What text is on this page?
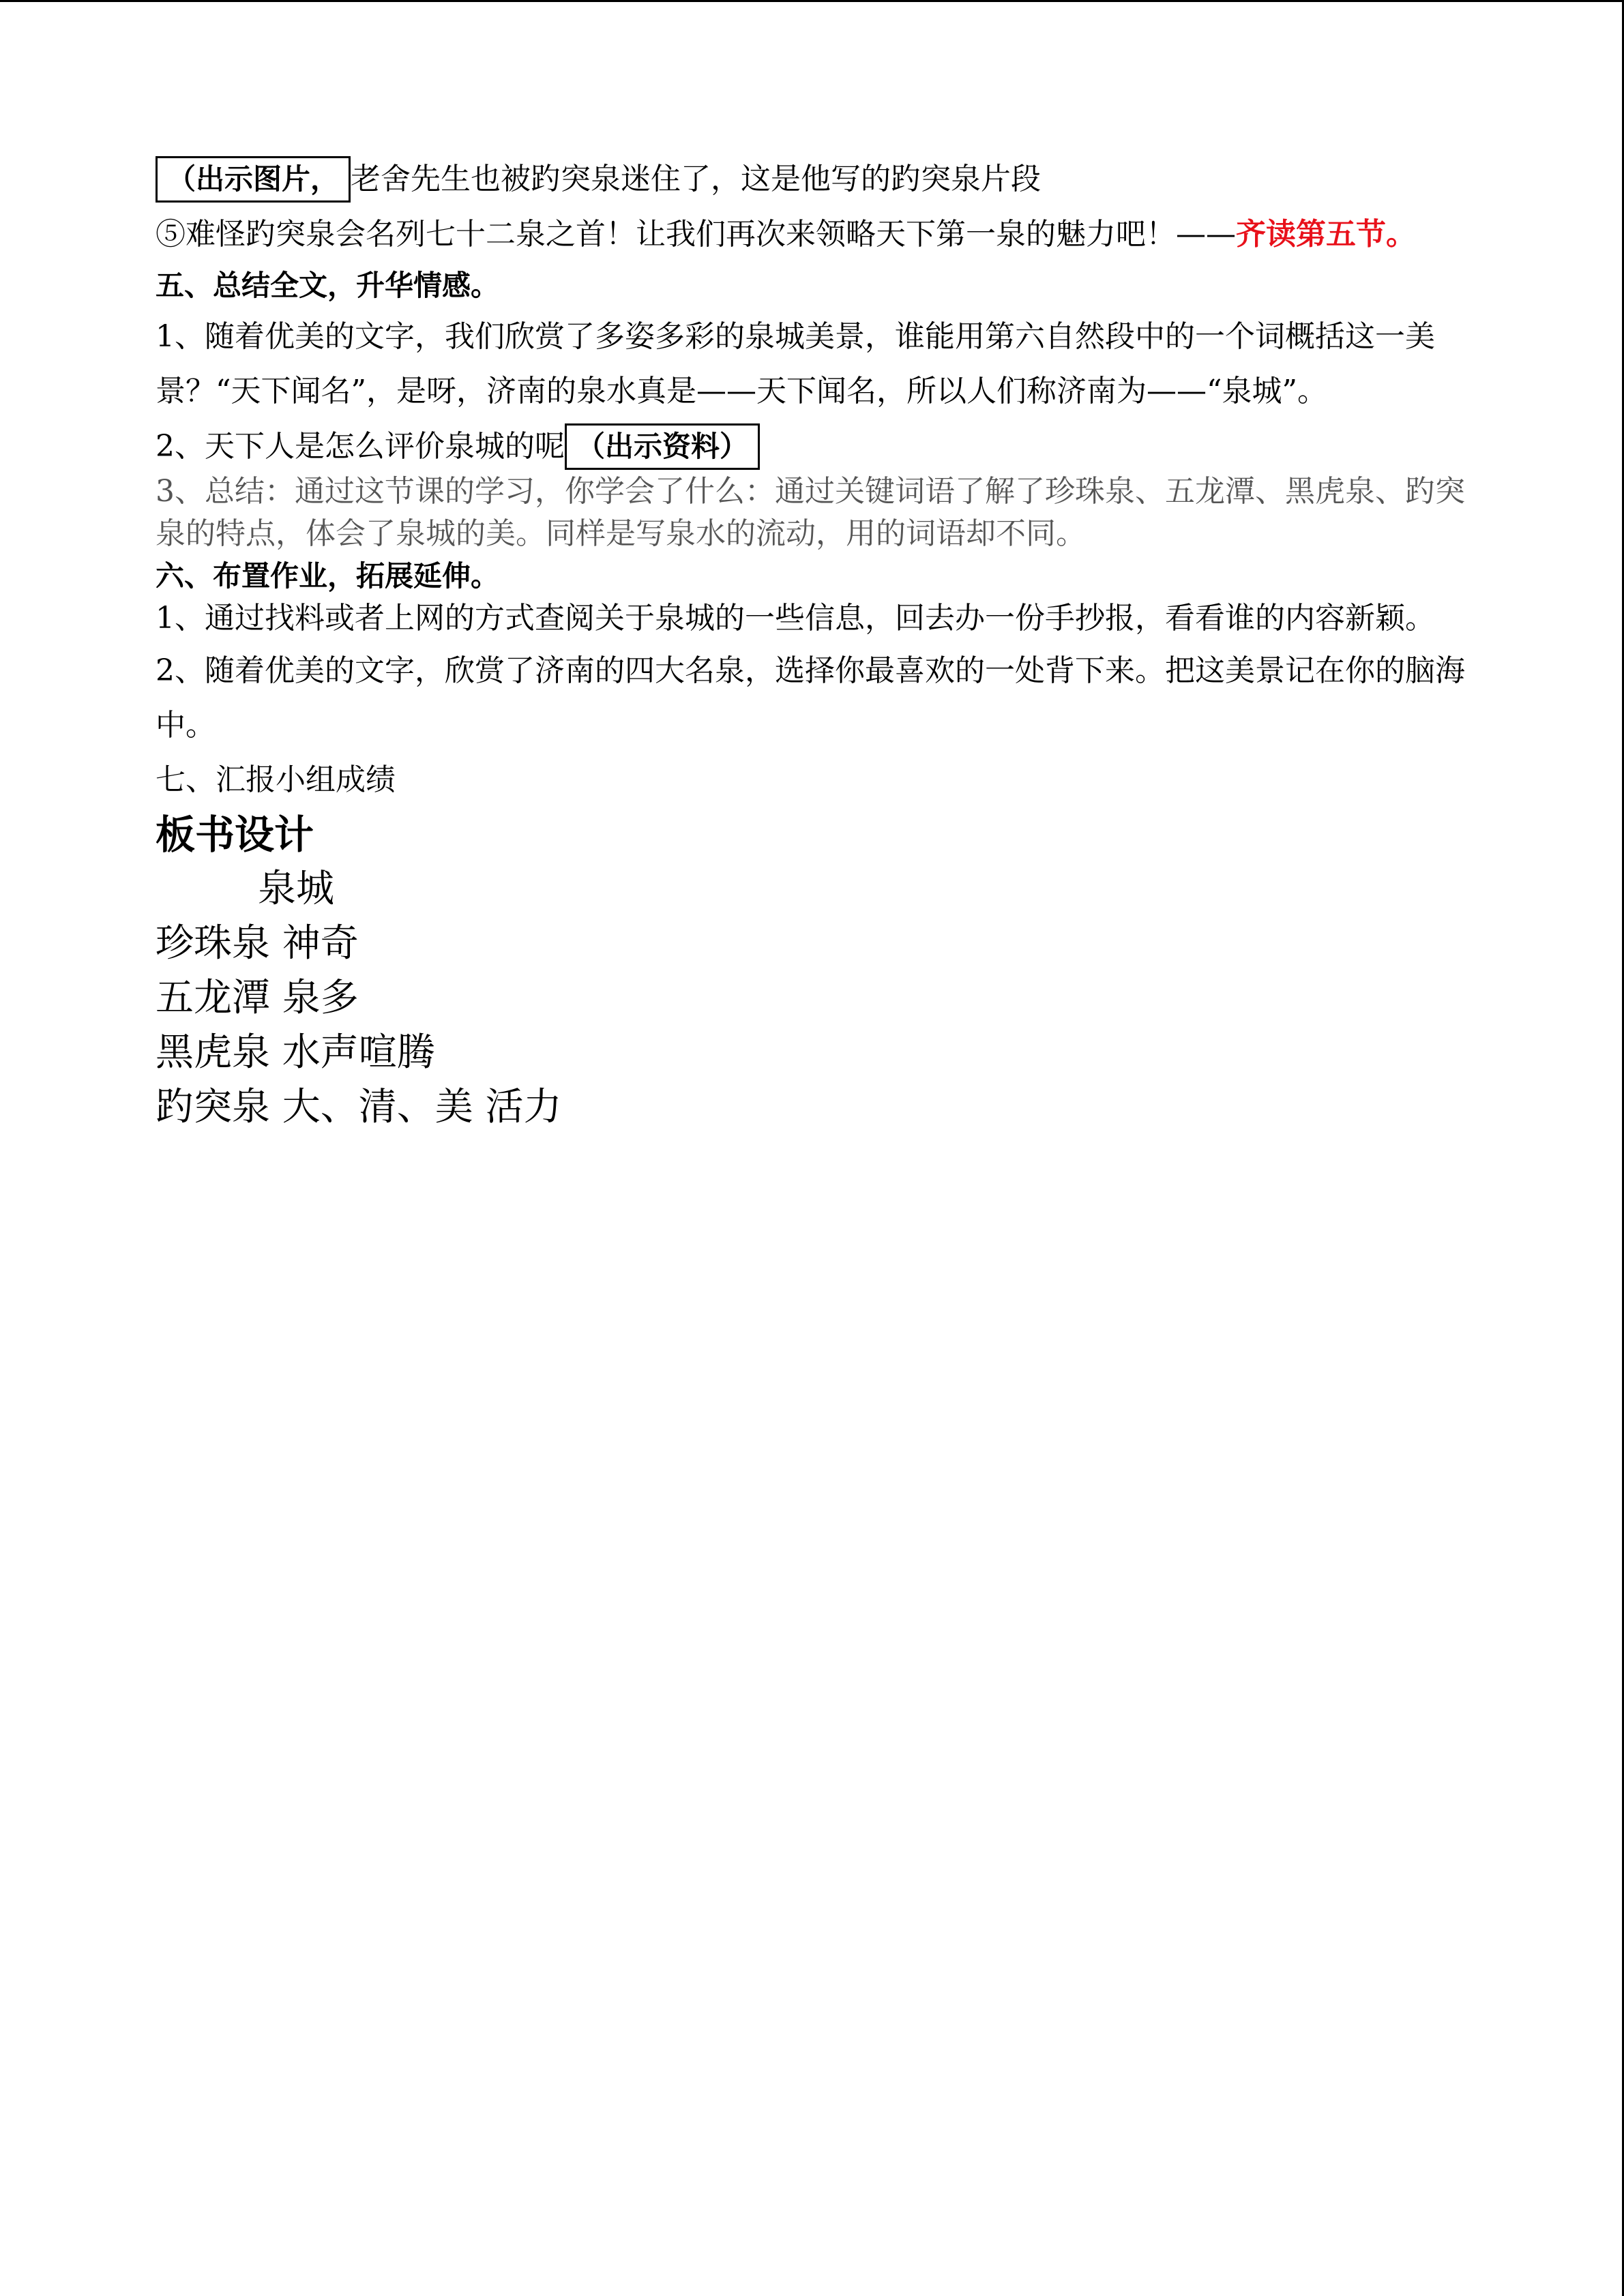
（出示图片， 老舍先生也被趵突泉迷住了，这是他写的趵突泉片段

⑤难怪趵突泉会名列七十二泉之首！让我们再次来领略天下第一泉的魅力吧！——齐读第五节。

五、总结全文，升华情感。

1、随着优美的文字，我们欣赏了多姿多彩的泉城美景，谁能用第六自然段中的一个词概括这一美景？“天下闻名”，是呀，济南的泉水真是——天下闻名，所以人们称济南为——“泉城”。

2、天下人是怎么评价泉城的呢 （出示资料）

3、总结：通过这节课的学习，你学会了什么：通过关键词语了解了珍珠泉、五龙潭、黑虎泉、趵突泉的特点，体会了泉城的美。同样是写泉水的流动，用的词语却不同。

六、布置作业，拓展延伸。

1、通过找料或者上网的方式查阅关于泉城的一些信息，回去办一份手抄报，看看谁的内容新颖。

2、随着优美的文字，欣赏了济南的四大名泉，选择你最喜欢的一处背下来。把这美景记在你的脑海中。

七、汇报小组成绩

板书设计

泉城

珍珠泉 神奇

五龙潭 泉多

黑虎泉 水声喧腾

趵突泉 大、清、美 活力
